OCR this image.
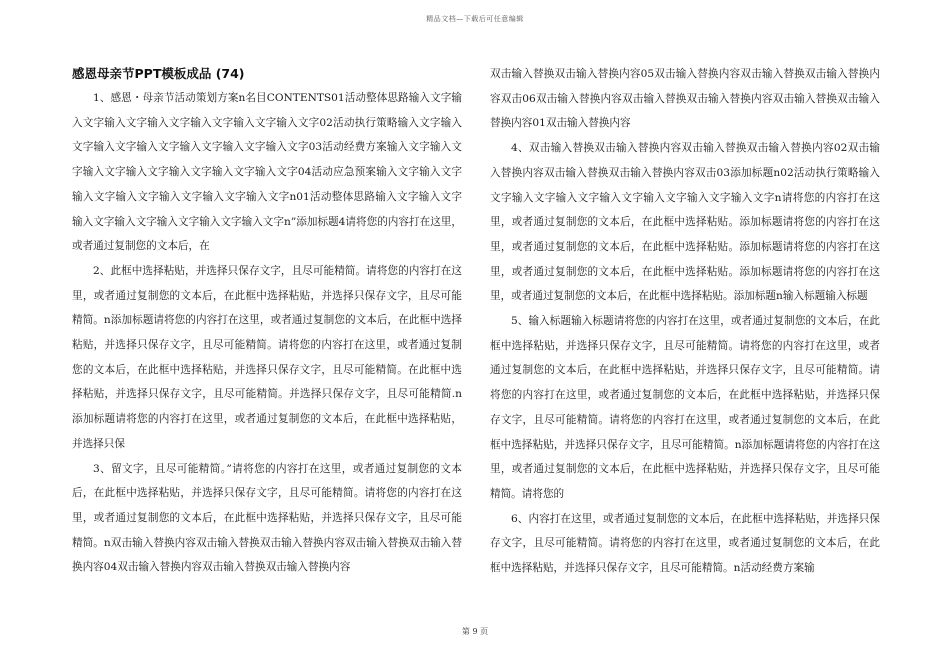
精品文档—下载后可任意编辑
感恩母亲节PPT模板成品 (74)

1、感恩・母亲节活动策划方案n名目CONTENTS01活动整体思路输入文字输入文字输入文字输入文字输入文字输入文字输入文字02活动执行策略输入文字输入文字输入文字输入文字输入文字输入文字输入文字03活动经费方案输入文字输入文字输入文字输入文字输入文字输入文字输入文字04活动应急预案输入文字输入文字输入文字输入文字输入文字输入文字输入文字n01活动整体思路输入文字输入文字输入文字输入文字输入文字输入文字输入文字n”添加标题4请将您的内容打在这里，或者通过复制您的文本后，在

2、此框中选择粘贴，并选择只保存文字，且尽可能精简。请将您的内容打在这里，或者通过复制您的文本后，在此框中选择粘贴，并选择只保存文字，且尽可能精简。n添加标题请将您的内容打在这里，或者通过复制您的文本后，在此框中选择粘贴，并选择只保存文字，且尽可能精简。请将您的内容打在这里，或者通过复制您的文本后，在此框中选择粘贴，并选择只保存文字，且尽可能精简。在此框中选择粘贴，并选择只保存文字，且尽可能精简。并选择只保存文字，且尽可能精简.n添加标题请将您的内容打在这里，或者通过复制您的文本后，在此框中选择粘贴，并选择只保

3、留文字，且尽可能精简。”请将您的内容打在这里，或者通过复制您的文本后，在此框中选择粘贴，并选择只保存文字，且尽可能精简。请将您的内容打在这里，或者通过复制您的文本后，在此框中选择粘贴，并选择只保存文字，且尽可能精简。n双击输入替换内容双击输入替换双击输入替换内容双击输入替换双击输入替换内容04双击输入替换内容双击输入替换双击输入替换内容

双击输入替换双击输入替换内容05双击输入替换内容双击输入替换双击输入替换内容双击06双击输入替换内容双击输入替换双击输入替换内容双击输入替换双击输入替换内容01双击输入替换内容

4、双击输入替换双击输入替换内容双击输入替换双击输入替换内容02双击输入替换内容双击输入替换双击输入替换内容双击03添加标题n02活动执行策略输入文字输入文字输入文字输入文字输入文字输入文字输入文字n请将您的内容打在这里，或者通过复制您的文本后，在此框中选择粘贴。添加标题请将您的内容打在这里，或者通过复制您的文本后，在此框中选择粘贴。添加标题请将您的内容打在这里，或者通过复制您的文本后，在此框中选择粘贴。添加标题请将您的内容打在这里，或者通过复制您的文本后，在此框中选择粘贴。添加标题n输入标题输入标题

5、输入标题输入标题请将您的内容打在这里，或者通过复制您的文本后，在此框中选择粘贴，并选择只保存文字，且尽可能精简。请将您的内容打在这里，或者通过复制您的文本后，在此框中选择粘贴，并选择只保存文字，且尽可能精简。请将您的内容打在这里，或者通过复制您的文本后，在此框中选择粘贴，并选择只保存文字，且尽可能精简。请将您的内容打在这里，或者通过复制您的文本后，在此框中选择粘贴，并选择只保存文字，且尽可能精简。n添加标题请将您的内容打在这里，或者通过复制您的文本后，在此框中选择粘贴，并选择只保存文字，且尽可能精简。请将您的

6、内容打在这里，或者通过复制您的文本后，在此框中选择粘贴，并选择只保存文字，且尽可能精简。请将您的内容打在这里，或者通过复制您的文本后，在此框中选择粘贴，并选择只保存文字，且尽可能精简。n活动经费方案输

第 9 页
